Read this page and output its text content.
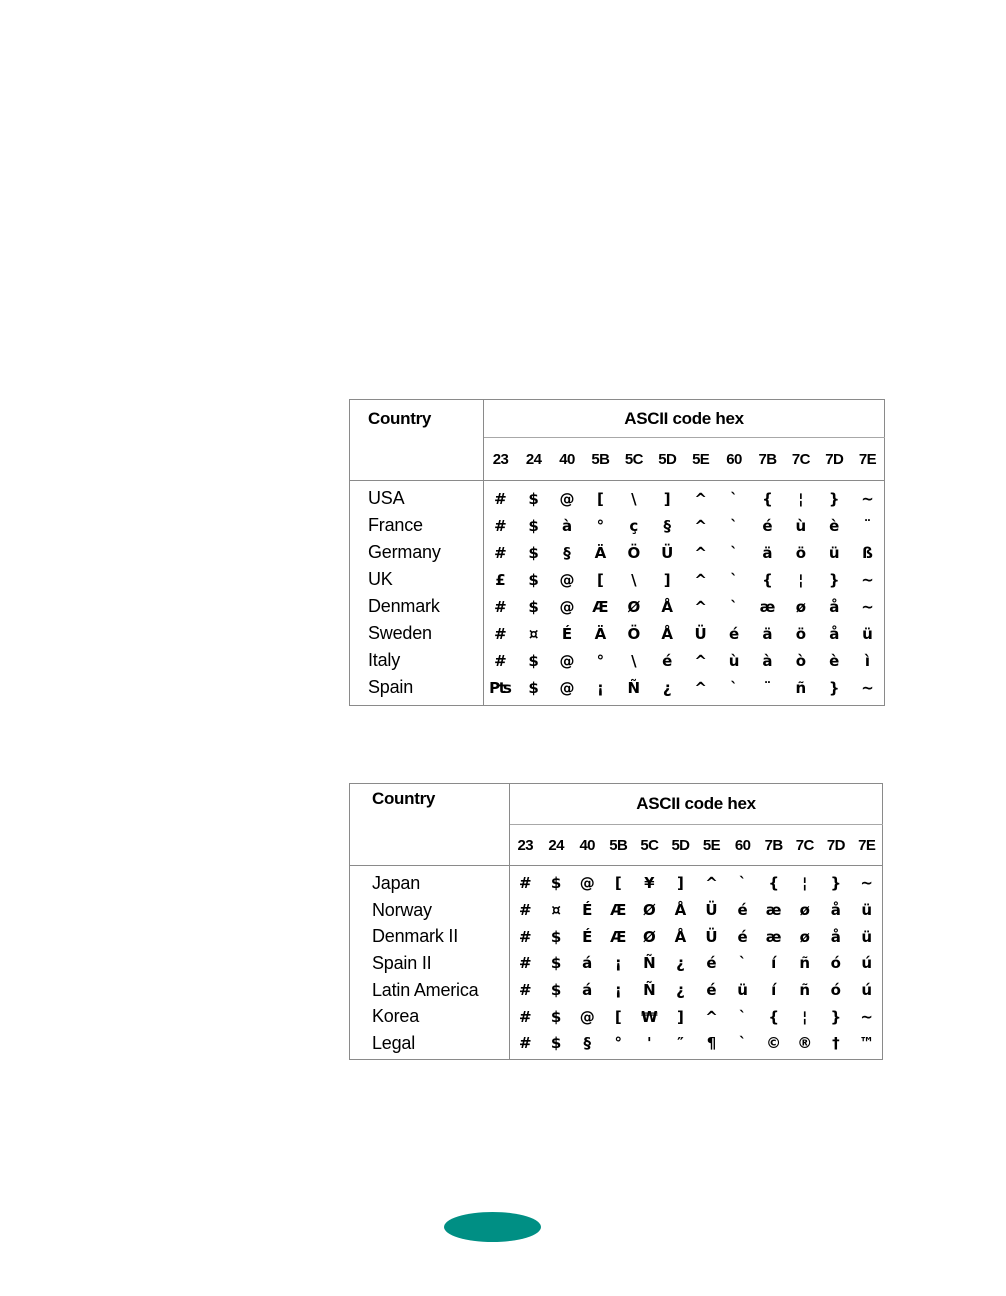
Country	ASCII code hex											
	23	24	40	5B	5C	5D	5E	60	7B	7C	7D	7E
USA	#	$	@	[	\	]	^	`	{	¦	}	~
France	#	$	à	°	ç	§	^	`	é	ù	è	¨
Germany	#	$	§	Ä	Ö	Ü	^	`	ä	ö	ü	ß
UK	£	$	@	[	\	]	^	`	{	¦	}	~
Denmark	#	$	@	Æ	Ø	Å	^	`	æ	ø	å	~
Sweden	#	¤	É	Ä	Ö	Å	Ü	é	ä	ö	å	ü
Italy	#	$	@	°	\	é	^	ù	à	ò	è	ì
Spain	₧	$	@	¡	Ñ	¿	^	`	¨	ñ	}	~
Country	ASCII code hex											
	23	24	40	5B	5C	5D	5E	60	7B	7C	7D	7E
Japan	#	$	@	[	¥	]	^	`	{	¦	}	~
Norway	#	¤	É	Æ	Ø	Å	Ü	é	æ	ø	å	ü
Denmark II	#	$	É	Æ	Ø	Å	Ü	é	æ	ø	å	ü
Spain II	#	$	á	¡	Ñ	¿	é	`	í	ñ	ó	ú
Latin America	#	$	á	¡	Ñ	¿	é	ü	í	ñ	ó	ú
Korea	#	$	@	[	₩	]	^	`	{	¦	}	~
Legal	#	$	§	°	'	″	¶	`	©	®	†	™
